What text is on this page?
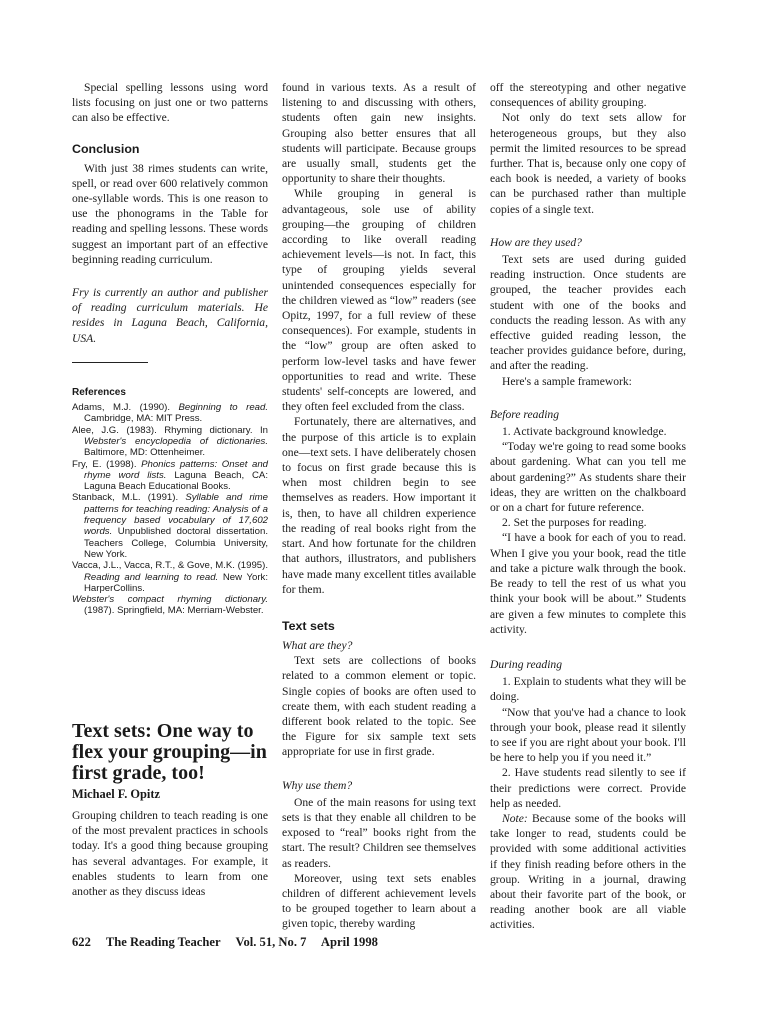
Special spelling lessons using word lists focusing on just one or two patterns can also be effective.

Conclusion

With just 38 rimes students can write, spell, or read over 600 relatively common one-syllable words. This is one reason to use the phonograms in the Table for reading and spelling lessons. These words suggest an important part of an effective beginning reading curriculum.

Fry is currently an author and publisher of reading curriculum materials. He resides in Laguna Beach, California, USA.

References

Adams, M.J. (1990). Beginning to read. Cambridge, MA: MIT Press.

Alee, J.G. (1983). Rhyming dictionary. In Webster's encyclopedia of dictionaries. Baltimore, MD: Ottenheimer.

Fry, E. (1998). Phonics patterns: Onset and rhyme word lists. Laguna Beach, CA: Laguna Beach Educational Books.

Stanback, M.L. (1991). Syllable and rime patterns for teaching reading: Analysis of a frequency based vocabulary of 17,602 words. Unpublished doctoral dissertation. Teachers College, Columbia University, New York.

Vacca, J.L., Vacca, R.T., & Gove, M.K. (1995). Reading and learning to read. New York: HarperCollins.

Webster's compact rhyming dictionary. (1987). Springfield, MA: Merriam-Webster.

Text sets: One way to flex your grouping—in first grade, too!
Michael F. Opitz

Grouping children to teach reading is one of the most prevalent practices in schools today. It's a good thing because grouping has several advantages. For example, it enables students to learn from one another as they discuss ideas

found in various texts. As a result of listening to and discussing with others, students often gain new insights. Grouping also better ensures that all students will participate. Because groups are usually small, students get the opportunity to share their thoughts.

While grouping in general is advantageous, sole use of ability grouping—the grouping of children according to like overall reading achievement levels—is not. In fact, this type of grouping yields several unintended consequences especially for the children viewed as “low” readers (see Opitz, 1997, for a full review of these consequences). For example, students in the “low” group are often asked to perform low-level tasks and have fewer opportunities to read and write. These students' self-concepts are lowered, and they often feel excluded from the class.

Fortunately, there are alternatives, and the purpose of this article is to explain one—text sets. I have deliberately chosen to focus on first grade because this is when most children begin to see themselves as readers. How important it is, then, to have all children experience the reading of real books right from the start. And how fortunate for the children that authors, illustrators, and publishers have made many excellent titles available for them.

Text sets
What are they?

Text sets are collections of books related to a common element or topic. Single copies of books are often used to create them, with each student reading a different book related to the topic. See the Figure for six sample text sets appropriate for use in first grade.

Why use them?

One of the main reasons for using text sets is that they enable all children to be exposed to “real” books right from the start. The result? Children see themselves as readers.

Moreover, using text sets enables children of different achievement levels to be grouped together to learn about a given topic, thereby warding

off the stereotyping and other negative consequences of ability grouping.

Not only do text sets allow for heterogeneous groups, but they also permit the limited resources to be spread further. That is, because only one copy of each book is needed, a variety of books can be purchased rather than multiple copies of a single text.

How are they used?

Text sets are used during guided reading instruction. Once students are grouped, the teacher provides each student with one of the books and conducts the reading lesson. As with any effective guided reading lesson, the teacher provides guidance before, during, and after the reading.

Here's a sample framework:

Before reading

1. Activate background knowledge.

“Today we're going to read some books about gardening. What can you tell me about gardening?” As students share their ideas, they are written on the chalkboard or on a chart for future reference.

2. Set the purposes for reading.

“I have a book for each of you to read. When I give you your book, read the title and take a picture walk through the book. Be ready to tell the rest of us what you think your book will be about.” Students are given a few minutes to complete this activity.

During reading

1. Explain to students what they will be doing.

“Now that you've had a chance to look through your book, please read it silently to see if you are right about your book. I'll be here to help you if you need it.”

2. Have students read silently to see if their predictions were correct. Provide help as needed.

Note: Because some of the books will take longer to read, students could be provided with some additional activities if they finish reading before others in the group. Writing in a journal, drawing about their favorite part of the book, or reading another book are all viable activities.

622 The Reading Teacher Vol. 51, No. 7 April 1998
